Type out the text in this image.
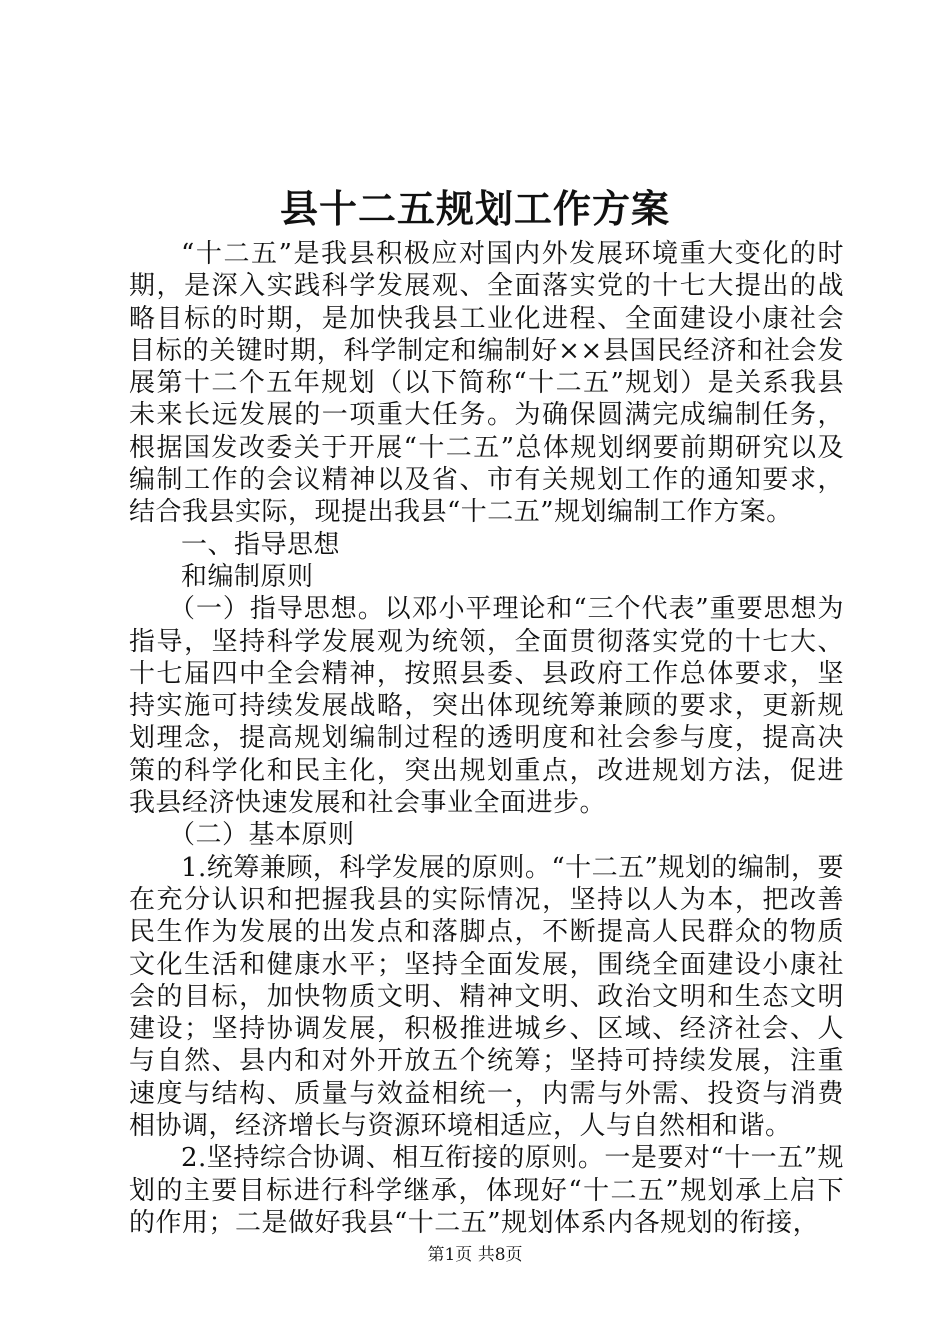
县十二五规划工作方案

“十二五”是我县积极应对国内外发展环境重大变化的时期，是深入实践科学发展观、全面落实党的十七大提出的战略目标的时期，是加快我县工业化进程、全面建设小康社会目标的关键时期，科学制定和编制好××县国民经济和社会发展第十二个五年规划（以下简称“十二五”规划）是关系我县未来长远发展的一项重大任务。为确保圆满完成编制任务，根据国发改委关于开展“十二五”总体规划纲要前期研究以及编制工作的会议精神以及省、市有关规划工作的通知要求，结合我县实际，现提出我县“十二五”规划编制工作方案。

一、指导思想

和编制原则

（一）指导思想。以邓小平理论和“三个代表”重要思想为指导，坚持科学发展观为统领，全面贯彻落实党的十七大、十七届四中全会精神，按照县委、县政府工作总体要求，坚持实施可持续发展战略，突出体现统筹兼顾的要求，更新规划理念，提高规划编制过程的透明度和社会参与度，提高决策的科学化和民主化，突出规划重点，改进规划方法，促进我县经济快速发展和社会事业全面进步。

（二）基本原则

1.统筹兼顾，科学发展的原则。“十二五”规划的编制，要在充分认识和把握我县的实际情况，坚持以人为本，把改善民生作为发展的出发点和落脚点，不断提高人民群众的物质文化生活和健康水平；坚持全面发展，围绕全面建设小康社会的目标，加快物质文明、精神文明、政治文明和生态文明建设；坚持协调发展，积极推进城乡、区域、经济社会、人与自然、县内和对外开放五个统筹；坚持可持续发展，注重速度与结构、质量与效益相统一，内需与外需、投资与消费相协调，经济增长与资源环境相适应，人与自然相和谐。

2.坚持综合协调、相互衔接的原则。一是要对“十一五”规划的主要目标进行科学继承，体现好“十二五”规划承上启下的作用；二是做好我县“十二五”规划体系内各规划的衔接，

第1页 共8页
